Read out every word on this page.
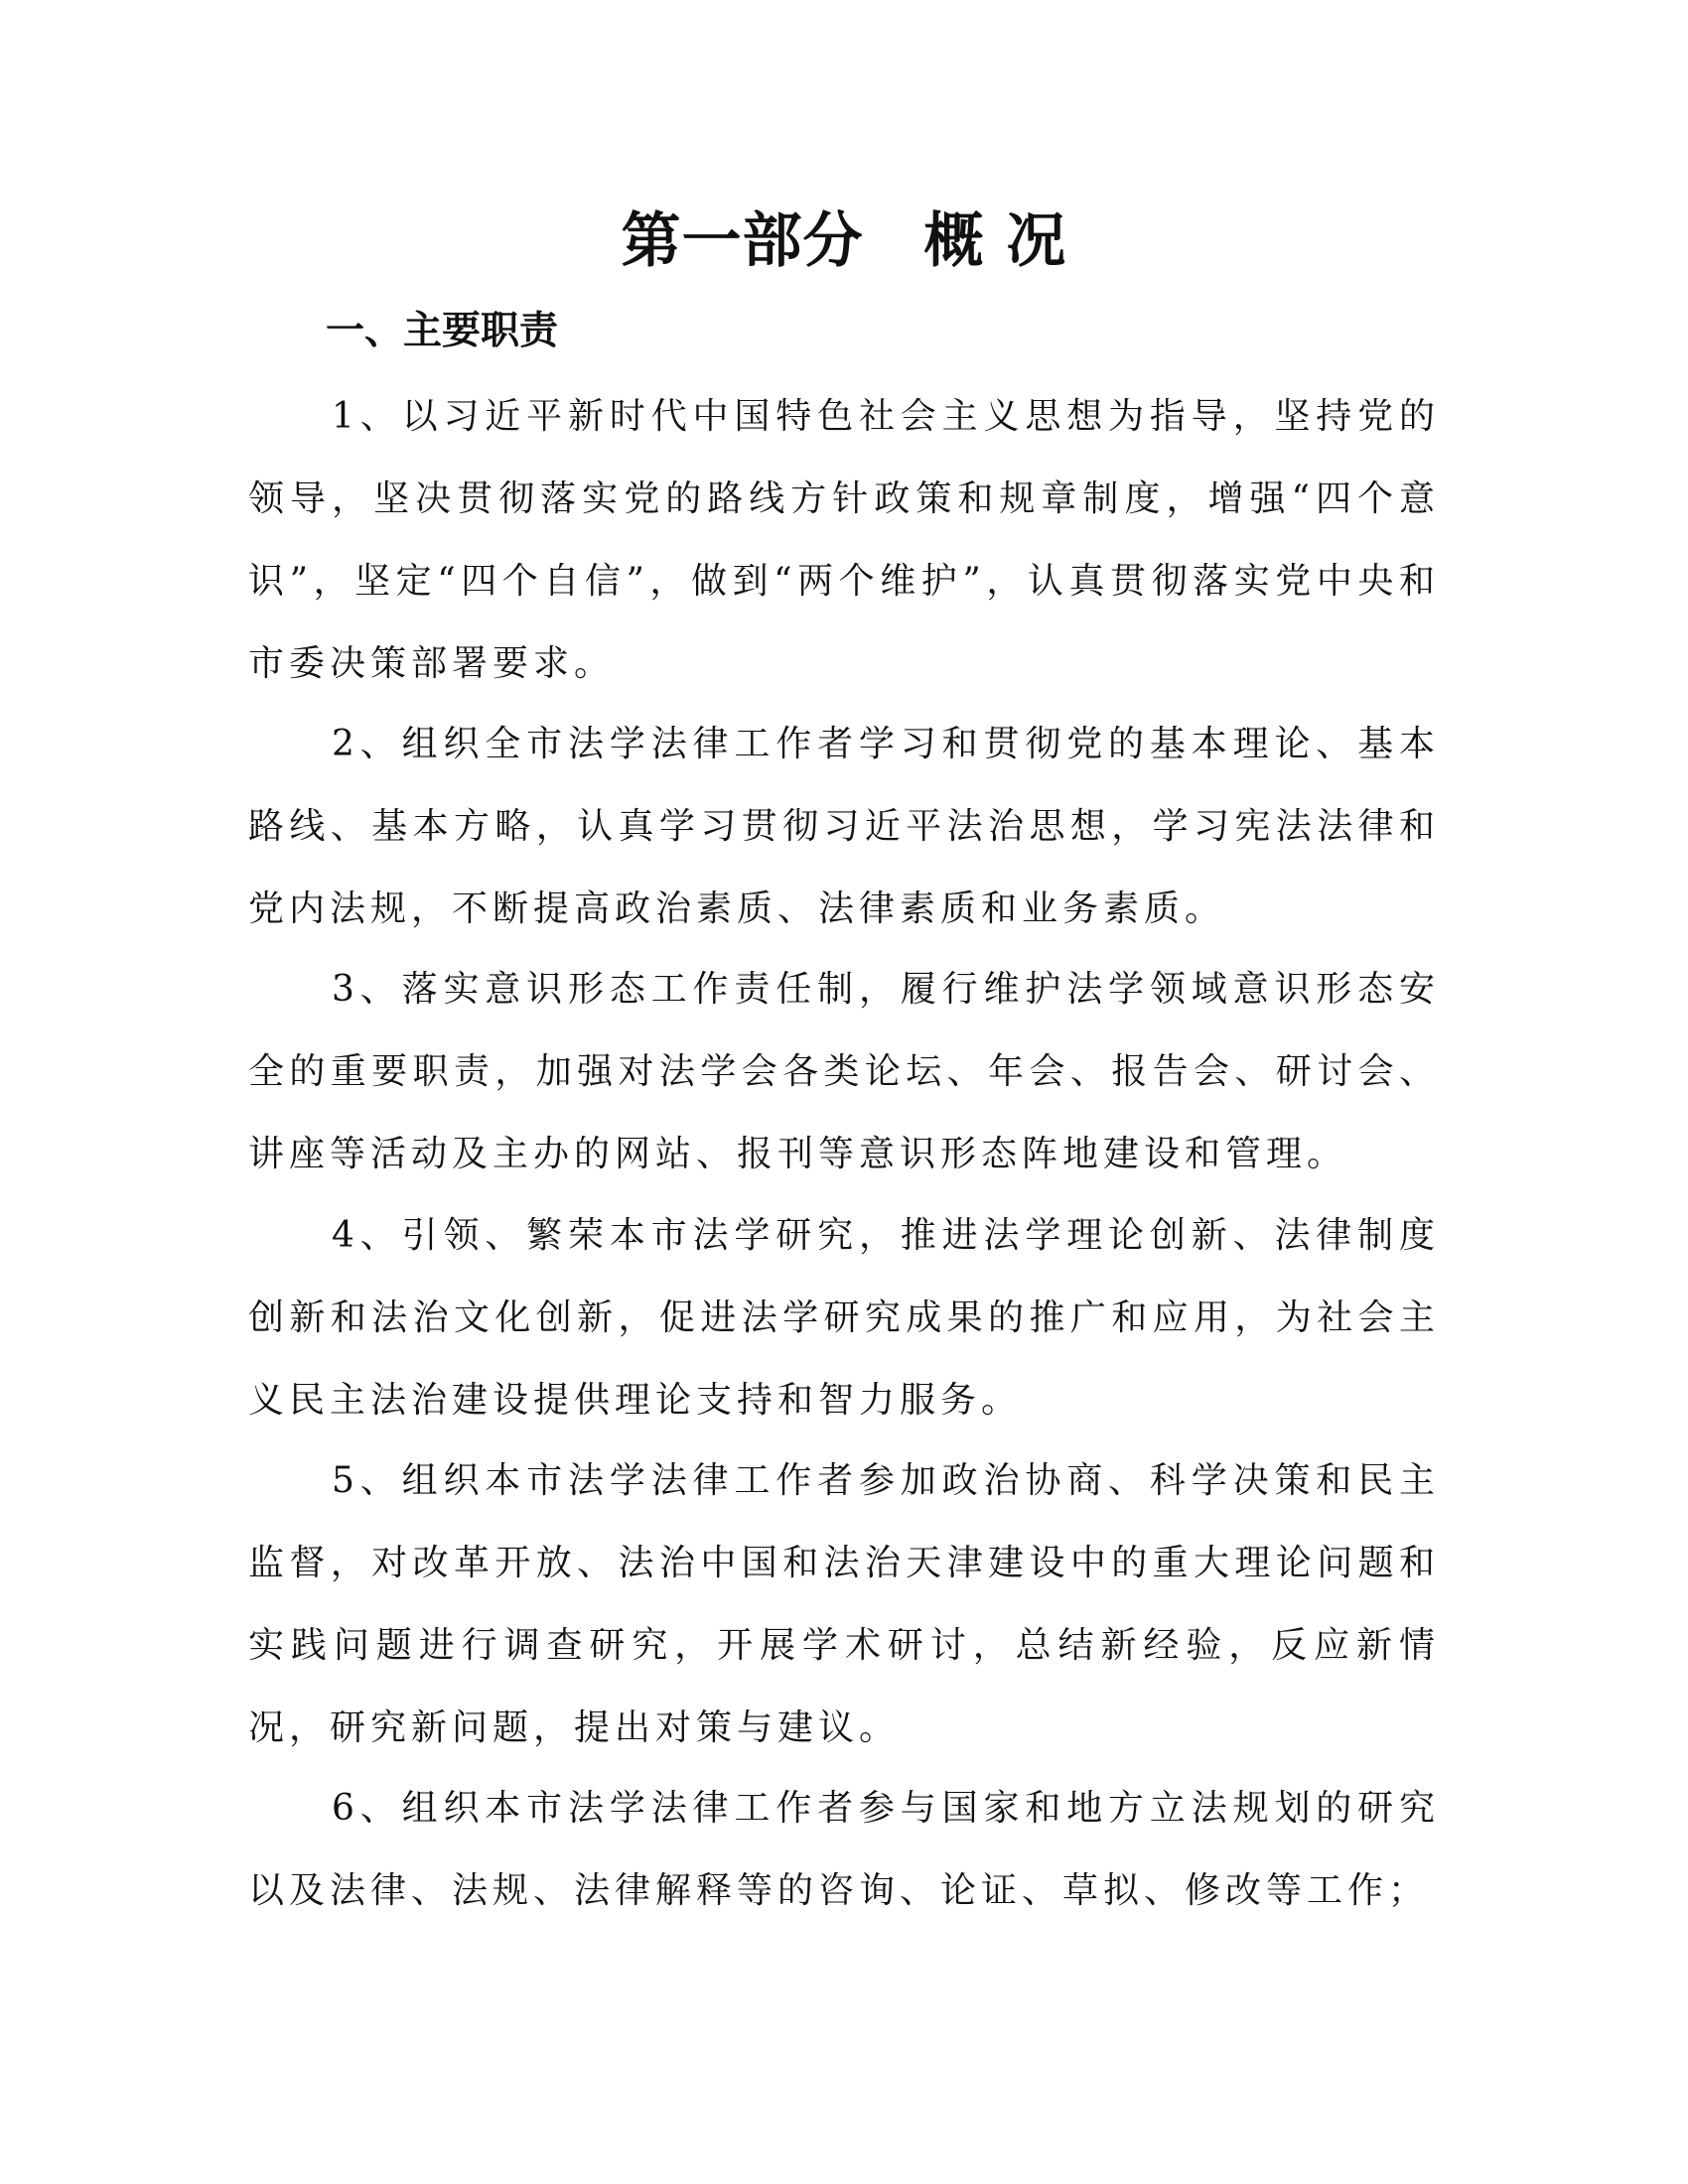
第一部分　概 况
一、主要职责

1、以习近平新时代中国特色社会主义思想为指导，坚持党的领导，坚决贯彻落实党的路线方针政策和规章制度，增强“四个意识”，坚定“四个自信”，做到“两个维护”，认真贯彻落实党中央和市委决策部署要求。

2、组织全市法学法律工作者学习和贯彻党的基本理论、基本路线、基本方略，认真学习贯彻习近平法治思想，学习宪法法律和党内法规，不断提高政治素质、法律素质和业务素质。

3、落实意识形态工作责任制，履行维护法学领域意识形态安全的重要职责，加强对法学会各类论坛、年会、报告会、研讨会、讲座等活动及主办的网站、报刊等意识形态阵地建设和管理。

4、引领、繁荣本市法学研究，推进法学理论创新、法律制度创新和法治文化创新，促进法学研究成果的推广和应用，为社会主义民主法治建设提供理论支持和智力服务。

5、组织本市法学法律工作者参加政治协商、科学决策和民主监督，对改革开放、法治中国和法治天津建设中的重大理论问题和实践问题进行调查研究，开展学术研讨，总结新经验，反应新情况，研究新问题，提出对策与建议。

6、组织本市法学法律工作者参与国家和地方立法规划的研究以及法律、法规、法律解释等的咨询、论证、草拟、修改等工作；
